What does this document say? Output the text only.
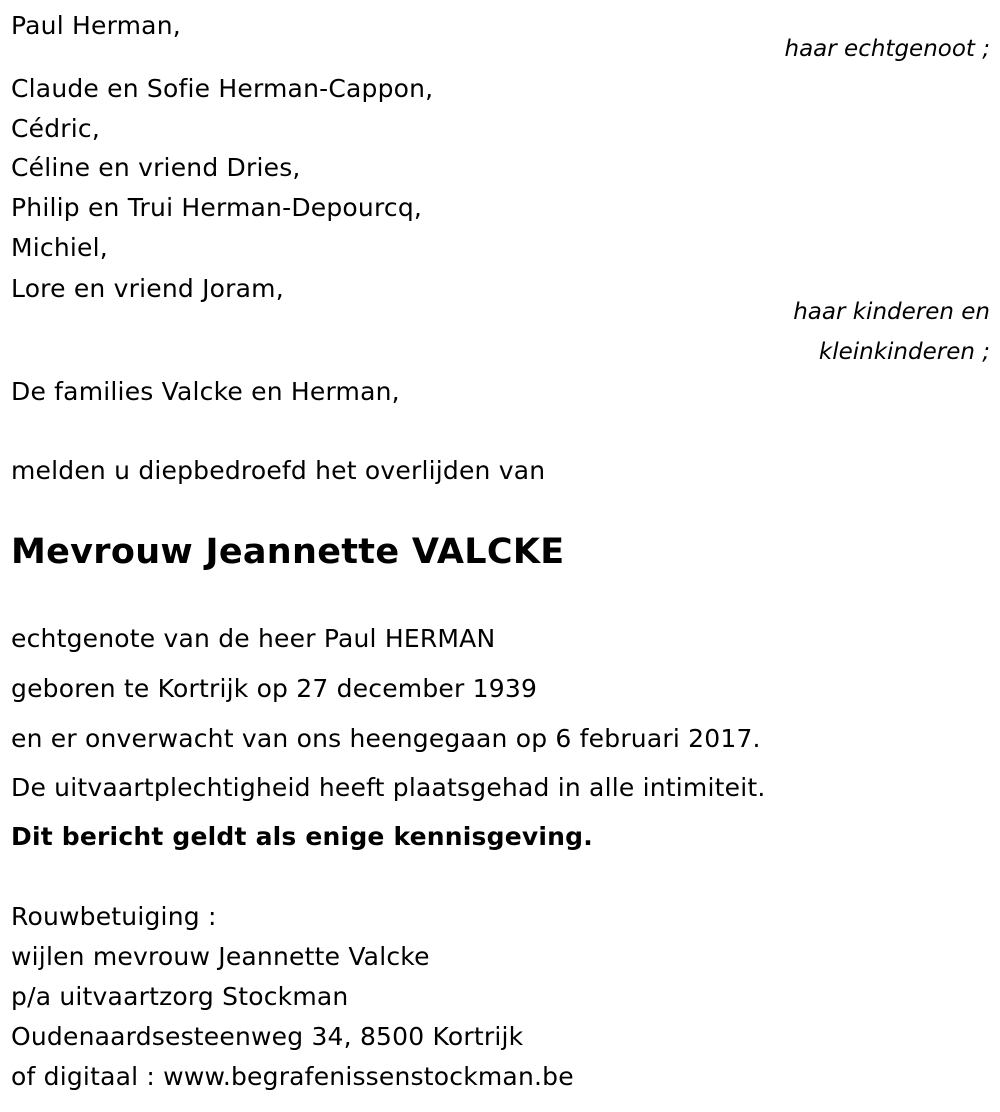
Paul Herman,
haar echtgenoot ;
Claude en Sofie Herman-Cappon,
Cédric,
Céline en vriend Dries,
Philip en Trui Herman-Depourcq,
Michiel,
Lore en vriend Joram,
haar kinderen en
kleinkinderen ;
De families Valcke en Herman,
melden u diepbedroefd het overlijden van
Mevrouw Jeannette VALCKE
echtgenote van de heer Paul HERMAN
geboren te Kortrijk op 27 december 1939
en er onverwacht van ons heengegaan op 6 februari 2017.
De uitvaartplechtigheid heeft plaatsgehad in alle intimiteit.
Dit bericht geldt als enige kennisgeving.
Rouwbetuiging :
wijlen mevrouw Jeannette Valcke
p/a uitvaartzorg Stockman
Oudenaardsesteenweg 34, 8500 Kortrijk
of digitaal : www.begrafenissenstockman.be
